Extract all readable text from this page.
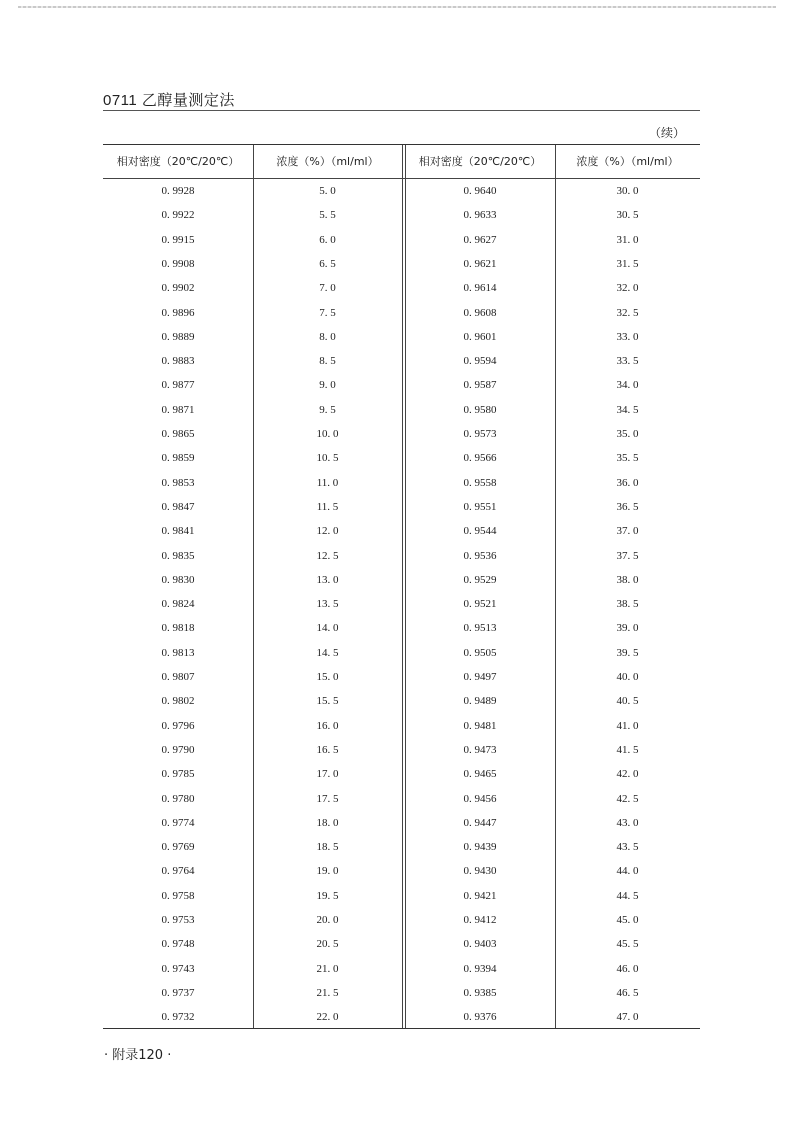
0711 乙醇量测定法
（续）
相对密度（20℃/20℃）	浓度（%）（ml/ml）	相对密度（20℃/20℃）	浓度（%）（ml/ml）
0. 9928	5. 0	0. 9640	30. 0
0. 9922	5. 5	0. 9633	30. 5
0. 9915	6. 0	0. 9627	31. 0
0. 9908	6. 5	0. 9621	31. 5
0. 9902	7. 0	0. 9614	32. 0
0. 9896	7. 5	0. 9608	32. 5
0. 9889	8. 0	0. 9601	33. 0
0. 9883	8. 5	0. 9594	33. 5
0. 9877	9. 0	0. 9587	34. 0
0. 9871	9. 5	0. 9580	34. 5
0. 9865	10. 0	0. 9573	35. 0
0. 9859	10. 5	0. 9566	35. 5
0. 9853	11. 0	0. 9558	36. 0
0. 9847	11. 5	0. 9551	36. 5
0. 9841	12. 0	0. 9544	37. 0
0. 9835	12. 5	0. 9536	37. 5
0. 9830	13. 0	0. 9529	38. 0
0. 9824	13. 5	0. 9521	38. 5
0. 9818	14. 0	0. 9513	39. 0
0. 9813	14. 5	0. 9505	39. 5
0. 9807	15. 0	0. 9497	40. 0
0. 9802	15. 5	0. 9489	40. 5
0. 9796	16. 0	0. 9481	41. 0
0. 9790	16. 5	0. 9473	41. 5
0. 9785	17. 0	0. 9465	42. 0
0. 9780	17. 5	0. 9456	42. 5
0. 9774	18. 0	0. 9447	43. 0
0. 9769	18. 5	0. 9439	43. 5
0. 9764	19. 0	0. 9430	44. 0
0. 9758	19. 5	0. 9421	44. 5
0. 9753	20. 0	0. 9412	45. 0
0. 9748	20. 5	0. 9403	45. 5
0. 9743	21. 0	0. 9394	46. 0
0. 9737	21. 5	0. 9385	46. 5
0. 9732	22. 0	0. 9376	47. 0
· 附录120 ·
